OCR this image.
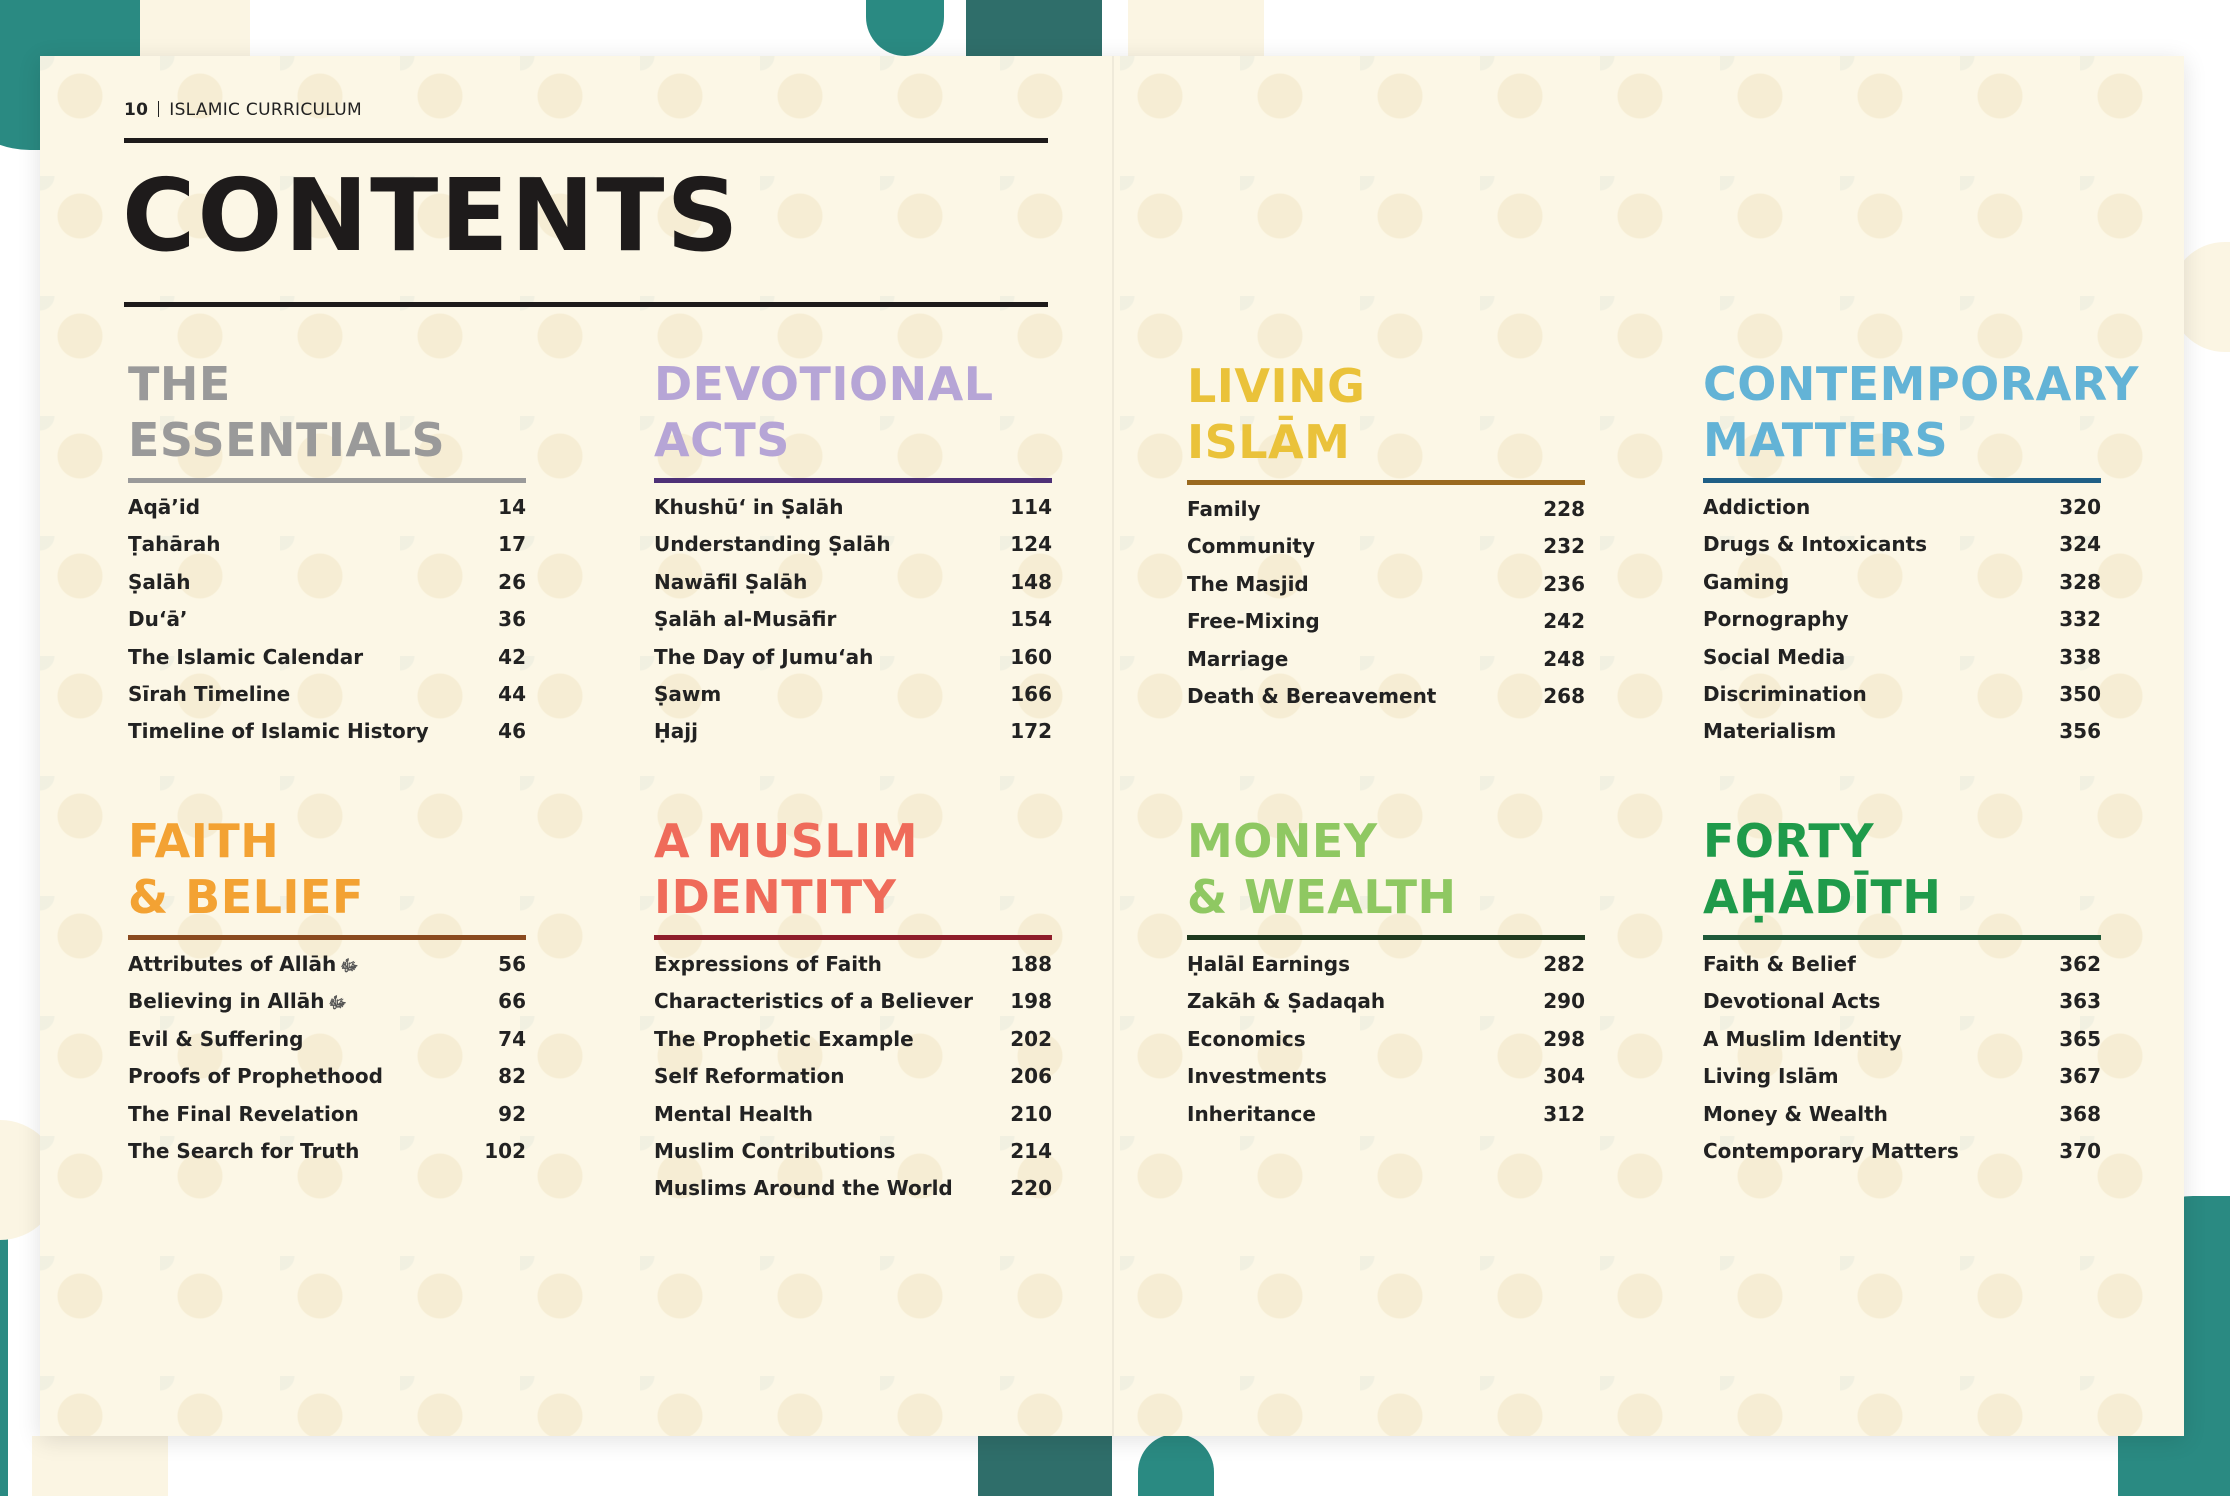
10 ISLAMIC CURRICULUM
CONTENTS
THE
ESSENTIALS
Aqā’id	14
Ṭahārah	17
Ṣalāh	26
Du‘ā’	36
The Islamic Calendar	42
Sīrah Timeline	44
Timeline of Islamic History	46
DEVOTIONAL
ACTS
Khushū‘ in Ṣalāh	114
Understanding Ṣalāh	124
Nawāfil Ṣalāh	148
Ṣalāh al-Musāfir	154
The Day of Jumu‘ah	160
Ṣawm	166
Ḥajj	172
LIVING
ISLĀM
Family	228
Community	232
The Masjid	236
Free-Mixing	242
Marriage	248
Death & Bereavement	268
CONTEMPORARY
MATTERS
Addiction	320
Drugs & Intoxicants	324
Gaming	328
Pornography	332
Social Media	338
Discrimination	350
Materialism	356
FAITH
& BELIEF
Attributes of Allāh ﷻ	56
Believing in Allāh ﷻ	66
Evil & Suffering	74
Proofs of Prophethood	82
The Final Revelation	92
The Search for Truth	102
A MUSLIM
IDENTITY
Expressions of Faith	188
Characteristics of a Believer 198
The Prophetic Example	202
Self Reformation	206
Mental Health	210
Muslim Contributions	214
Muslims Around the World	220
MONEY
& WEALTH
Ḥalāl Earnings	282
Zakāh & Ṣadaqah	290
Economics	298
Investments	304
Inheritance	312
FORTY
AḤĀDĪTH
Faith & Belief	362
Devotional Acts	363
A Muslim Identity	365
Living Islām	367
Money & Wealth	368
Contemporary Matters	370
